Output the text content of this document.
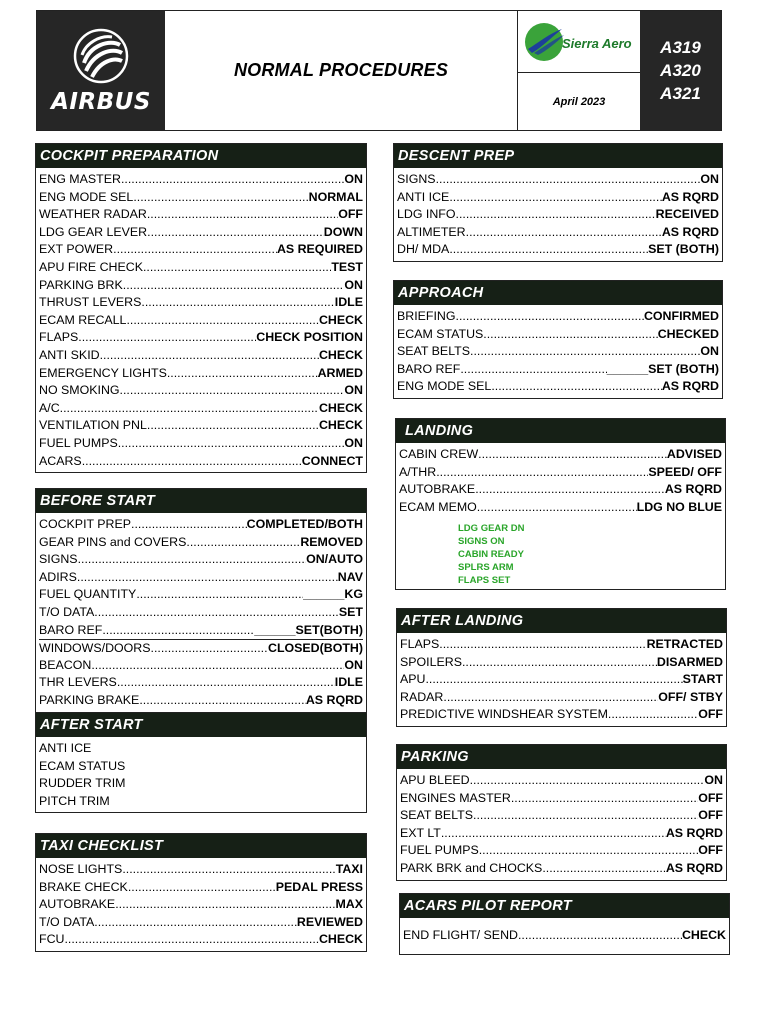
AIRBUS
NORMAL PROCEDURES
Sierra Aero
April 2023
A319
A320
A321
COCKPIT PREPARATION
ENG MASTER .....	ON
ENG MODE SEL .....	NORMAL
WEATHER RADAR .....	OFF
LDG GEAR LEVER .....	DOWN
EXT POWER .....	AS REQUIRED
APU FIRE CHECK .....	TEST
PARKING BRK .....	ON
THRUST LEVERS .....	IDLE
ECAM RECALL .....	CHECK
FLAPS .....	CHECK POSITION
ANTI SKID .....	CHECK
EMERGENCY LIGHTS .....	ARMED
NO SMOKING .....	ON
A/C .....	CHECK
VENTILATION PNL .....	CHECK
FUEL PUMPS .....	ON
ACARS .....	CONNECT
BEFORE START
COCKPIT PREP .....	COMPLETED/BOTH
GEAR PINS and COVERS .....	REMOVED
SIGNS .....	ON/AUTO
ADIRS .....	NAV
FUEL QUANTITY .....	______KG
T/O DATA .....	SET
BARO REF .....	______SET(BOTH)
WINDOWS/DOORS .....	CLOSED(BOTH)
BEACON .....	ON
THR LEVERS .....	IDLE
PARKING BRAKE .....	AS RQRD
AFTER START
ANTI ICE
ECAM STATUS
RUDDER TRIM
PITCH TRIM
TAXI CHECKLIST
NOSE LIGHTS .....	TAXI
BRAKE CHECK .....	PEDAL PRESS
AUTOBRAKE .....	MAX
T/O DATA .....	REVIEWED
FCU .....	CHECK
DESCENT PREP
SIGNS .....	ON
ANTI ICE .....	AS RQRD
LDG INFO .....	RECEIVED
ALTIMETER .....	AS RQRD
DH/ MDA .....	SET (BOTH)
APPROACH
BRIEFING .....	CONFIRMED
ECAM STATUS .....	CHECKED
SEAT BELTS .....	ON
BARO REF .....	______SET (BOTH)
ENG MODE SEL .....	AS RQRD
LANDING
CABIN CREW .....	ADVISED
A/THR .....	SPEED/ OFF
AUTOBRAKE .....	AS RQRD
ECAM MEMO .....	LDG NO BLUE
LDG GEAR DN
SIGNS ON
CABIN READY
SPLRS ARM
FLAPS SET
AFTER LANDING
FLAPS .....	RETRACTED
SPOILERS .....	DISARMED
APU .....	START
RADAR .....	OFF/ STBY
PREDICTIVE WINDSHEAR SYSTEM .....	OFF
PARKING
APU BLEED .....	ON
ENGINES MASTER .....	OFF
SEAT BELTS .....	OFF
EXT LT .....	AS RQRD
FUEL PUMPS .....	OFF
PARK BRK and CHOCKS .....	AS RQRD
ACARS PILOT REPORT
END FLIGHT/ SEND .....	CHECK
